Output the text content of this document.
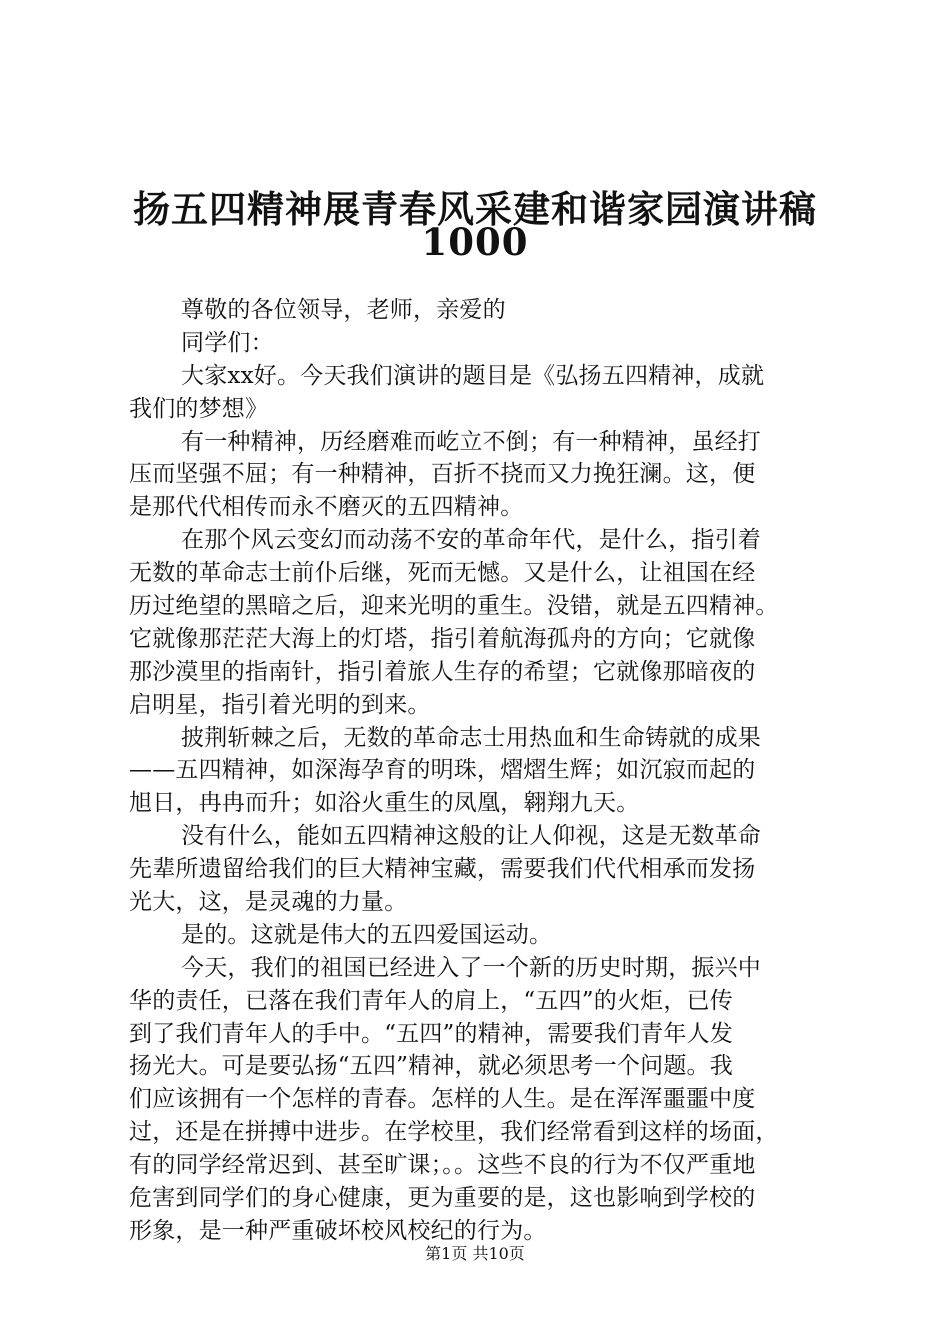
扬五四精神展青春风采建和谐家园演讲稿
1000
尊敬的各位领导，老师，亲爱的
同学们：
大家xx好。今天我们演讲的题目是《弘扬五四精神，成就
我们的梦想》
有一种精神，历经磨难而屹立不倒；有一种精神，虽经打
压而坚强不屈；有一种精神，百折不挠而又力挽狂澜。这，便
是那代代相传而永不磨灭的五四精神。
在那个风云变幻而动荡不安的革命年代，是什么，指引着
无数的革命志士前仆后继，死而无憾。又是什么，让祖国在经
历过绝望的黑暗之后，迎来光明的重生。没错，就是五四精神。
它就像那茫茫大海上的灯塔，指引着航海孤舟的方向；它就像
那沙漠里的指南针，指引着旅人生存的希望；它就像那暗夜的
启明星，指引着光明的到来。
披荆斩棘之后，无数的革命志士用热血和生命铸就的成果
——五四精神，如深海孕育的明珠，熠熠生辉；如沉寂而起的
旭日，冉冉而升；如浴火重生的凤凰，翱翔九天。
没有什么，能如五四精神这般的让人仰视，这是无数革命
先辈所遗留给我们的巨大精神宝藏，需要我们代代相承而发扬
光大，这，是灵魂的力量。
是的。这就是伟大的五四爱国运动。
今天，我们的祖国已经进入了一个新的历史时期，振兴中
华的责任，已落在我们青年人的肩上，“五四”的火炬，已传
到了我们青年人的手中。“五四”的精神，需要我们青年人发
扬光大。可是要弘扬“五四”精神，就必须思考一个问题。我
们应该拥有一个怎样的青春。怎样的人生。是在浑浑噩噩中度
过，还是在拼搏中进步。在学校里，我们经常看到这样的场面，
有的同学经常迟到、甚至旷课；。。这些不良的行为不仅严重地
危害到同学们的身心健康，更为重要的是，这也影响到学校的
形象，是一种严重破坏校风校纪的行为。
第1页 共10页
